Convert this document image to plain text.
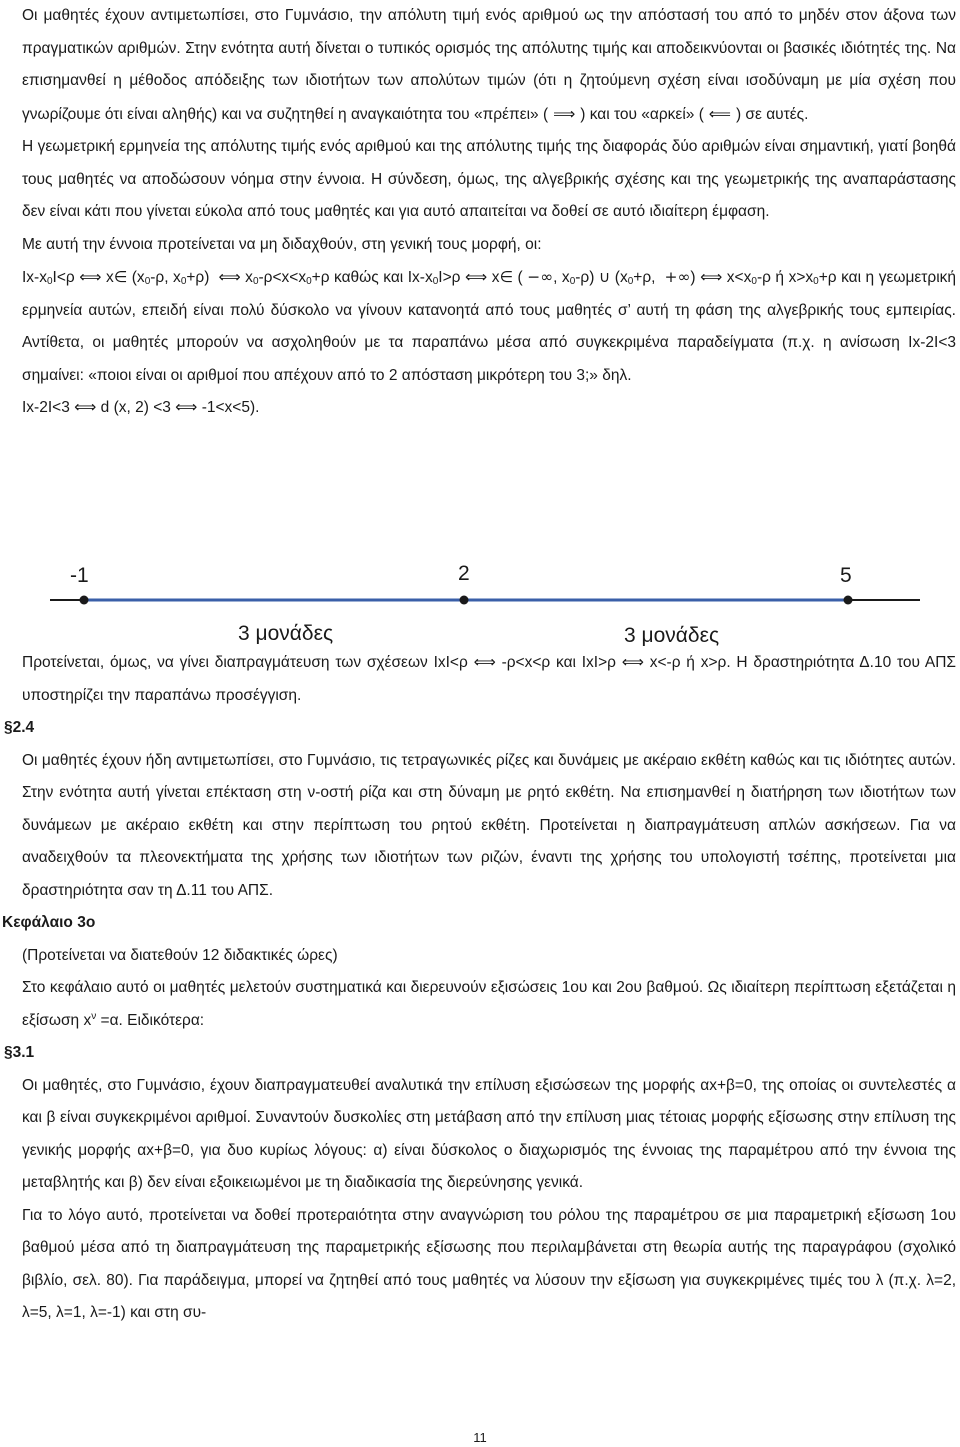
Οι μαθητές έχουν αντιμετωπίσει, στο Γυμνάσιο, την απόλυτη τιμή ενός αριθμού ως την απόστασή του από το μηδέν στον άξονα των πραγματικών αριθμών. Στην ενότητα αυτή δίνεται ο τυπικός ορισμός της απόλυτης τιμής και αποδεικνύονται οι βασικές ιδιότητές της. Να επισημανθεί η μέθοδος απόδειξης των ιδιοτήτων των απολύτων τιμών (ότι η ζητούμενη σχέση είναι ισοδύναμη με μία σχέση που γνωρίζουμε ότι είναι αληθής) και να συζητηθεί η αναγκαιότητα του «πρέπει» ( ⟹ ) και του «αρκεί» ( ⟸ ) σε αυτές.

Η γεωμετρική ερμηνεία της απόλυτης τιμής ενός αριθμού και της απόλυτης τιμής της διαφοράς δύο αριθμών είναι σημαντική, γιατί βοηθά τους μαθητές να αποδώσουν νόημα στην έννοια. Η σύνδεση, όμως, της αλγεβρικής σχέσης και της γεωμετρικής της αναπαράστασης δεν είναι κάτι που γίνεται εύκολα από τους μαθητές και για αυτό απαιτείται να δοθεί σε αυτό ιδιαίτερη έμφαση.

Με αυτή την έννοια προτείνεται να μη διδαχθούν, στη γενική τους μορφή, οι:

$Ix-x_0I<\rho$ ⟺ x∈ ($x_0-\rho$, $x_0+\rho$)  ⟺ $x_0-\rho<x<x_0+\rho$ καθώς και $Ix-x_0I>\rho$ ⟺ x∈ ( −∞, $x_0-\rho$) ∪ ($x_0+\rho$,  +∞) ⟺ $x<x_0-\rho$ ή $x>x_0+\rho$ και η γεωμετρική ερμηνεία αυτών, επειδή είναι πολύ δύσκολο να γίνουν κατανοητά από τους μαθητές σ’ αυτή τη φάση της αλγεβρικής τους εμπειρίας. Αντίθετα, οι μαθητές μπορούν να ασχοληθούν με τα παραπάνω μέσα από συγκεκριμένα παραδείγματα (π.χ. η ανίσωση Ιx-2Ι<3 σημαίνει: «ποιοι είναι οι αριθμοί που απέχουν από το 2 απόσταση μικρότερη του 3;» δηλ.

Ιx-2Ι<3 ⟺ d (x, 2) <3 ⟺ -1<x<5).

-1	2	5
3 μονάδες	3 μονάδες

Προτείνεται, όμως, να γίνει διαπραγμάτευση των σχέσεων ΙxΙ<ρ ⟺ -ρ<x<ρ και ΙxΙ>ρ ⟺ x<-ρ ή x>ρ. Η δραστηριότητα Δ.10 του ΑΠΣ υποστηρίζει την παραπάνω προσέγγιση.

§2.4

Οι μαθητές έχουν ήδη αντιμετωπίσει, στο Γυμνάσιο, τις τετραγωνικές ρίζες και δυνάμεις με ακέραιο εκθέτη καθώς και τις ιδιότητες αυτών. Στην ενότητα αυτή γίνεται επέκταση στη ν-οστή ρίζα και στη δύναμη με ρητό εκθέτη. Να επισημανθεί η διατήρηση των ιδιοτήτων των δυνάμεων με ακέραιο εκθέτη και στην περίπτωση του ρητού εκθέτη. Προτείνεται η διαπραγμάτευση απλών ασκήσεων. Για να αναδειχθούν τα πλεονεκτήματα της χρήσης των ιδιοτήτων των ριζών, έναντι της χρήσης του υπολογιστή τσέπης, προτείνεται μια δραστηριότητα σαν τη Δ.11 του ΑΠΣ.

Κεφάλαιο 3ο

(Προτείνεται να διατεθούν 12 διδακτικές ώρες)

Στο κεφάλαιο αυτό οι μαθητές μελετούν συστηματικά και διερευνούν εξισώσεις 1ου και 2ου βαθμού. Ως ιδιαίτερη περίπτωση εξετάζεται η εξίσωση $x^\nu =\alpha$. Ειδικότερα:

§3.1

Οι μαθητές, στο Γυμνάσιο, έχουν διαπραγματευθεί αναλυτικά την επίλυση εξισώσεων της μορφής αx+β=0, της οποίας οι συντελεστές α και β είναι συγκεκριμένοι αριθμοί. Συναντούν δυσκολίες στη μετάβαση από την επίλυση μιας τέτοιας μορφής εξίσωσης στην επίλυση της γενικής μορφής αx+β=0, για δυο κυρίως λόγους: α) είναι δύσκολος ο διαχωρισμός της έννοιας της παραμέτρου από την έννοια της μεταβλητής και β) δεν είναι εξοικειωμένοι με τη διαδικασία της διερεύνησης γενικά.

Για το λόγο αυτό, προτείνεται να δοθεί προτεραιότητα στην αναγνώριση του ρόλου της παραμέτρου σε μια παραμετρική εξίσωση 1ου βαθμού μέσα από τη διαπραγμάτευση της παραμετρικής εξίσωσης που περιλαμβάνεται στη θεωρία αυτής της παραγράφου (σχολικό βιβλίο, σελ. 80). Για παράδειγμα, μπορεί να ζητηθεί από τους μαθητές να λύσουν την εξίσωση για συγκεκριμένες τιμές του λ (π.χ. λ=2, λ=5, λ=1, λ=-1) και στη συ-

11
